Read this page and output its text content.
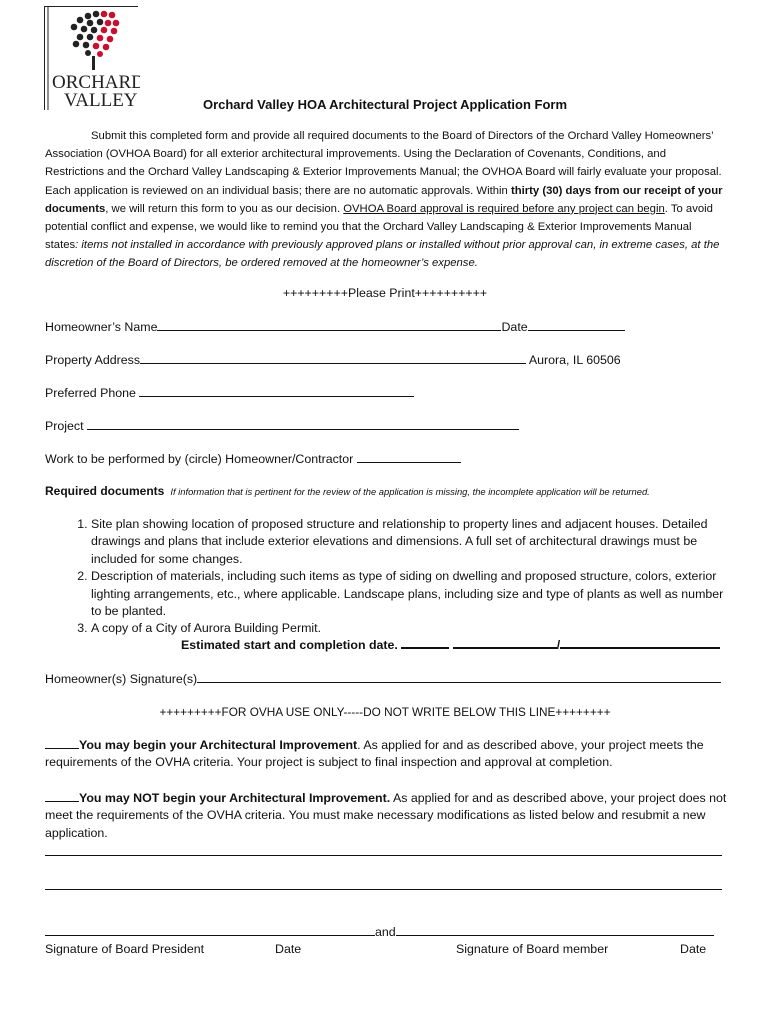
ORCHARD
VALLEY	Orchard Valley HOA Architectural Project Application Form
Submit this completed form and provide all required documents to the Board of Directors of the Orchard Valley Homeowners’ Association (OVHOA Board) for all exterior architectural improvements. Using the Declaration of Covenants, Conditions, and Restrictions and the Orchard Valley Landscaping & Exterior Improvements Manual; the OVHOA Board will fairly evaluate your proposal. Each application is reviewed on an individual basis; there are no automatic approvals. Within thirty (30) days from our receipt of your documents, we will return this form to you as our decision. OVHOA Board approval is required before any project can begin. To avoid potential conflict and expense, we would like to remind you that the Orchard Valley Landscaping & Exterior Improvements Manual states: items not installed in accordance with previously approved plans or installed without prior approval can, in extreme cases, at the discretion of the Board of Directors, be ordered removed at the homeowner’s expense.
+++++++++Please Print++++++++++
Homeowner’s Name	Date
Property Address	Aurora, IL 60506
Preferred Phone
Project
Work to be performed by (circle) Homeowner/Contractor
Required documents If information that is pertinent for the review of the application is missing, the incomplete application will be returned.
1. Site plan showing location of proposed structure and relationship to property lines and adjacent houses. Detailed drawings and plans that include exterior elevations and dimensions. A full set of architectural drawings must be included for some changes.
2. Description of materials, including such items as type of siding on dwelling and proposed structure, colors, exterior lighting arrangements, etc., where applicable. Landscape plans, including size and type of plants as well as number to be planted.
3. A copy of a City of Aurora Building Permit.
Estimated start and completion date.	/
Homeowner(s) Signature(s)
+++++++++FOR OVHA USE ONLY-----DO NOT WRITE BELOW THIS LINE++++++++
You may begin your Architectural Improvement. As applied for and as described above, your project meets the requirements of the OVHA criteria. Your project is subject to final inspection and approval at completion.
You may NOT begin your Architectural Improvement. As applied for and as described above, your project does not meet the requirements of the OVHA criteria. You must make necessary modifications as listed below and resubmit a new application.
and
Signature of Board President	Date	Signature of Board member	Date
